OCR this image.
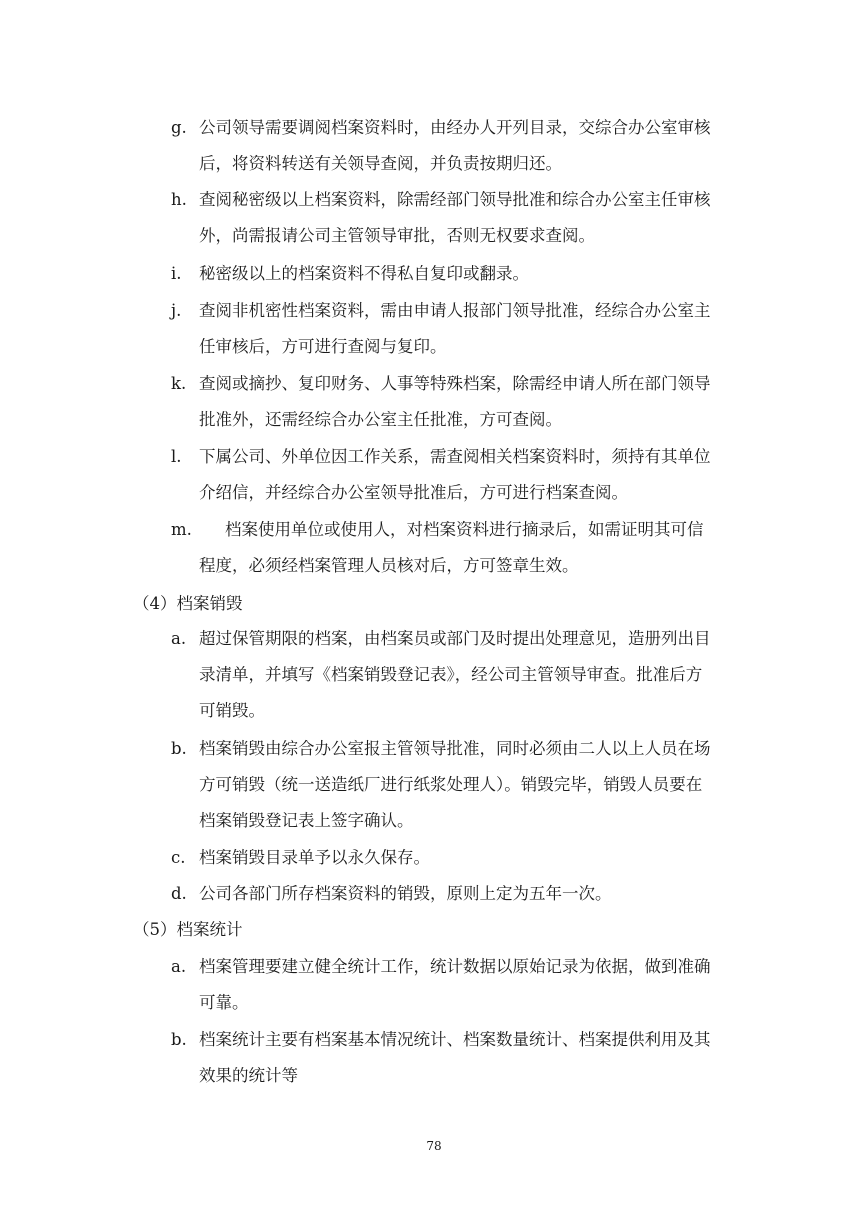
g. 公司领导需要调阅档案资料时，由经办人开列目录，交综合办公室审核
后，将资料转送有关领导查阅，并负责按期归还。
h. 查阅秘密级以上档案资料，除需经部门领导批准和综合办公室主任审核
外，尚需报请公司主管领导审批，否则无权要求查阅。
i. 秘密级以上的档案资料不得私自复印或翻录。
j. 查阅非机密性档案资料，需由申请人报部门领导批准，经综合办公室主
任审核后，方可进行查阅与复印。
k. 查阅或摘抄、复印财务、人事等特殊档案，除需经申请人所在部门领导
批准外，还需经综合办公室主任批准，方可查阅。
l. 下属公司、外单位因工作关系，需查阅相关档案资料时，须持有其单位
介绍信，并经综合办公室领导批准后，方可进行档案查阅。
m. 档案使用单位或使用人，对档案资料进行摘录后，如需证明其可信
程度，必须经档案管理人员核对后，方可签章生效。
（4）档案销毁
a. 超过保管期限的档案，由档案员或部门及时提出处理意见，造册列出目
录清单，并填写《档案销毁登记表》，经公司主管领导审查。批准后方
可销毁。
b. 档案销毁由综合办公室报主管领导批准，同时必须由二人以上人员在场
方可销毁（统一送造纸厂进行纸浆处理人）。销毁完毕，销毁人员要在
档案销毁登记表上签字确认。
c. 档案销毁目录单予以永久保存。
d. 公司各部门所存档案资料的销毁，原则上定为五年一次。
（5）档案统计
a. 档案管理要建立健全统计工作，统计数据以原始记录为依据，做到准确
可靠。
b. 档案统计主要有档案基本情况统计、档案数量统计、档案提供利用及其
效果的统计等
78
